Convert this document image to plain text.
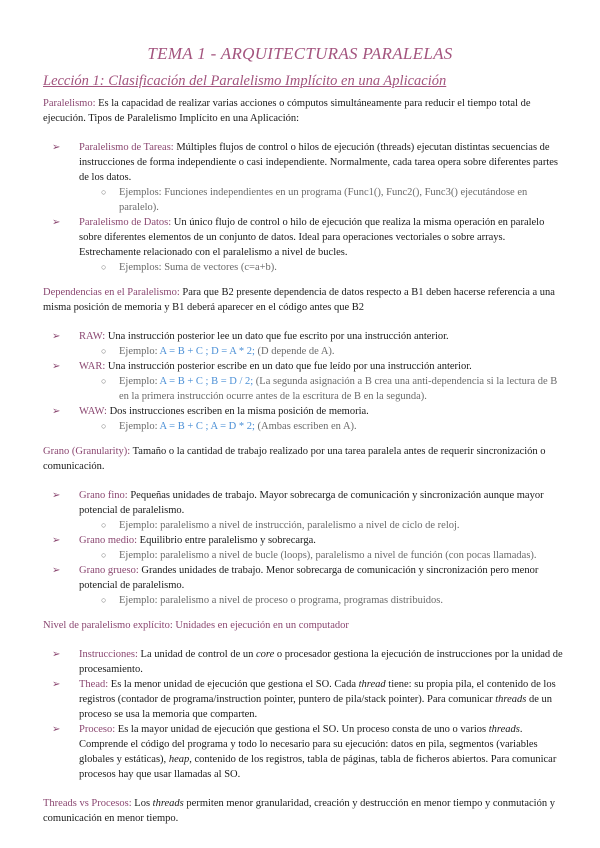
TEMA 1 - ARQUITECTURAS PARALELAS
Lección 1: Clasificación del Paralelismo Implícito en una Aplicación

Paralelismo: Es la capacidad de realizar varias acciones o cómputos simultáneamente para reducir el tiempo total de ejecución. Tipos de Paralelismo Implícito en una Aplicación:

➢ Paralelismo de Tareas: Múltiples flujos de control o hilos de ejecución (threads) ejecutan distintas secuencias de instrucciones de forma independiente o casi independiente. Normalmente, cada tarea opera sobre diferentes partes de los datos.
○ Ejemplos: Funciones independientes en un programa (Func1(), Func2(), Func3() ejecutándose en paralelo).
➢ Paralelismo de Datos: Un único flujo de control o hilo de ejecución que realiza la misma operación en paralelo sobre diferentes elementos de un conjunto de datos. Ideal para operaciones vectoriales o sobre arrays. Estrechamente relacionado con el paralelismo a nivel de bucles.
○ Ejemplos: Suma de vectores (c=a+b).

Dependencias en el Paralelismo: Para que B2 presente dependencia de datos respecto a B1 deben hacerse referencia a una misma posición de memoria y B1 deberá aparecer en el código antes que B2

➢ RAW: Una instrucción posterior lee un dato que fue escrito por una instrucción anterior.
○ Ejemplo: A = B + C ; D = A * 2; (D depende de A).
➢ WAR: Una instrucción posterior escribe en un dato que fue leído por una instrucción anterior.
○ Ejemplo: A = B + C ; B = D / 2; (La segunda asignación a B crea una anti-dependencia si la lectura de B en la primera instrucción ocurre antes de la escritura de B en la segunda).
➢ WAW: Dos instrucciones escriben en la misma posición de memoria.
○ Ejemplo: A = B + C ; A = D * 2; (Ambas escriben en A).

Grano (Granularity): Tamaño o la cantidad de trabajo realizado por una tarea paralela antes de requerir sincronización o comunicación.

➢ Grano fino: Pequeñas unidades de trabajo. Mayor sobrecarga de comunicación y sincronización aunque mayor potencial de paralelismo.
○ Ejemplo: paralelismo a nivel de instrucción, paralelismo a nivel de ciclo de reloj.
➢ Grano medio: Equilibrio entre paralelismo y sobrecarga.
○ Ejemplo: paralelismo a nivel de bucle (loops), paralelismo a nivel de función (con pocas llamadas).
➢ Grano grueso: Grandes unidades de trabajo. Menor sobrecarga de comunicación y sincronización pero menor potencial de paralelismo.
○ Ejemplo: paralelismo a nivel de proceso o programa, programas distribuidos.

Nivel de paralelismo explícito: Unidades en ejecución en un computador

➢ Instrucciones: La unidad de control de un core o procesador gestiona la ejecución de instrucciones por la unidad de procesamiento.
➢ Thead: Es la menor unidad de ejecución que gestiona el SO. Cada thread tiene: su propia pila, el contenido de los registros (contador de programa/instruction pointer, puntero de pila/stack pointer). Para comunicar threads de un proceso se usa la memoria que comparten.
➢ Proceso: Es la mayor unidad de ejecución que gestiona el SO. Un proceso consta de uno o varios threads. Comprende el código del programa y todo lo necesario para su ejecución: datos en pila, segmentos (variables globales y estáticas), heap, contenido de los registros, tabla de páginas, tabla de ficheros abiertos. Para comunicar procesos hay que usar llamadas al SO.

Threads vs Procesos: Los threads permiten menor granularidad, creación y destrucción en menor tiempo y conmutación y comunicación en menor tiempo.
